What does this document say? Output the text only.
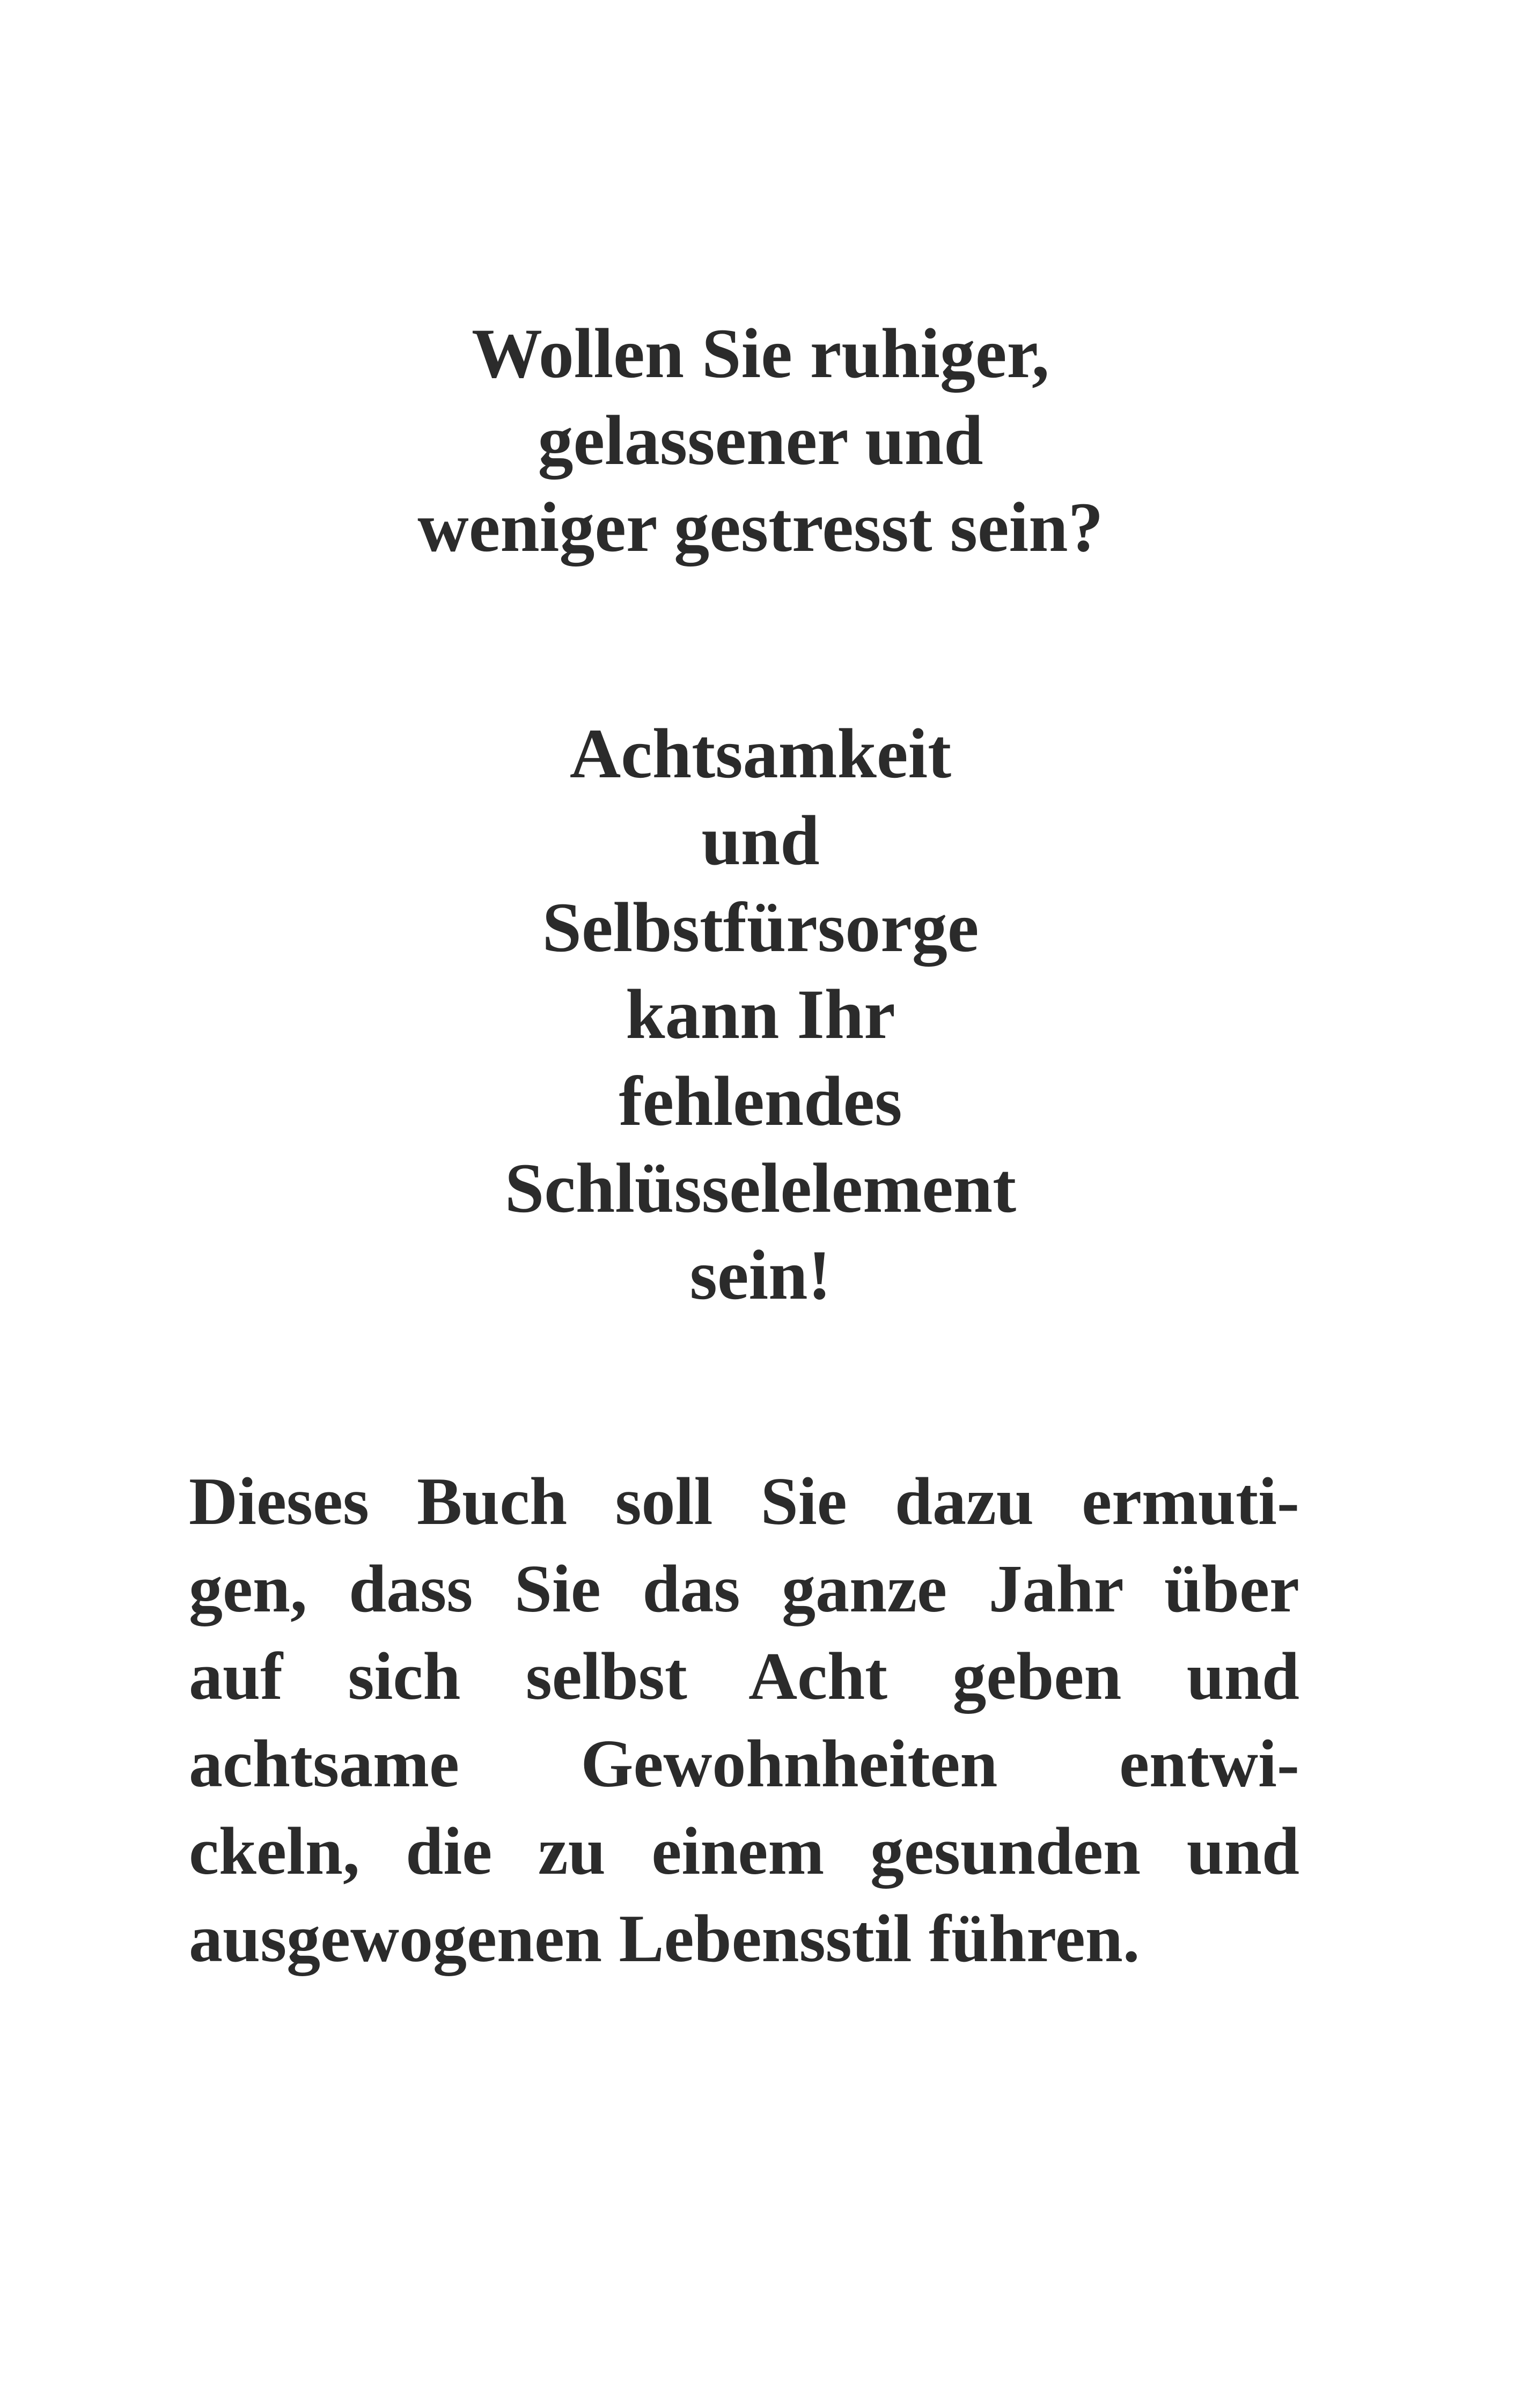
Wollen Sie ruhiger,
gelassener und
weniger gestresst sein?
Achtsamkeit
und
Selbstfürsorge
kann Ihr
fehlendes
Schlüsselelement
sein!
Dieses Buch soll Sie dazu ermuti-
gen, dass Sie das ganze Jahr über
auf sich selbst Acht geben und
achtsame Gewohnheiten entwi-
ckeln, die zu einem gesunden und
ausgewogenen Lebensstil führen.
